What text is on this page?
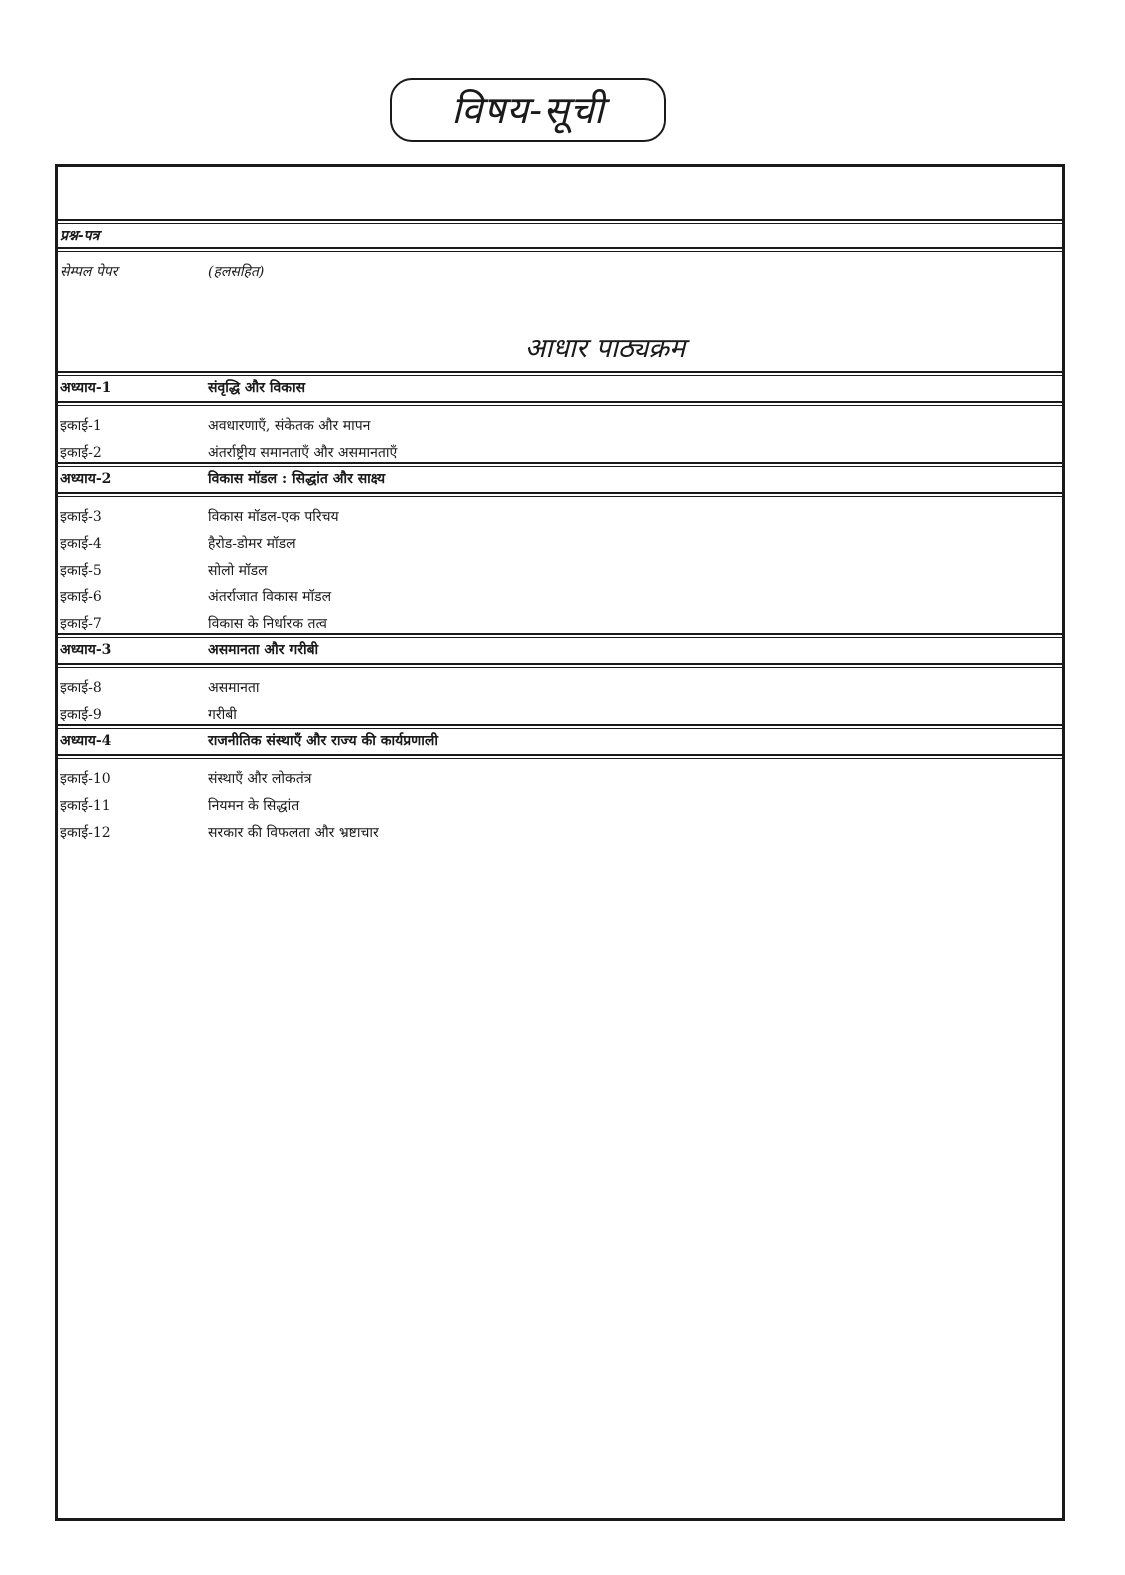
विषय-सूची
प्रश्न-पत्र
सेम्पल पेपर	(हलसहित)
आधार पाठ्यक्रम
अध्याय-1	संवृद्धि और विकास
इकाई-1	अवधारणाएँ, संकेतक और मापन
इकाई-2	अंतर्राष्ट्रीय समानताएँ और असमानताएँ
अध्याय-2	विकास मॉडल : सिद्धांत और साक्ष्य
इकाई-3	विकास मॉडल-एक परिचय
इकाई-4	हैरोड-डोमर मॉडल
इकाई-5	सोलो मॉडल
इकाई-6	अंतर्राजात विकास मॉडल
इकाई-7	विकास के निर्धारक तत्व
अध्याय-3	असमानता और गरीबी
इकाई-8	असमानता
इकाई-9	गरीबी
अध्याय-4	राजनीतिक संस्थाएँ और राज्य की कार्यप्रणाली
इकाई-10	संस्थाएँ और लोकतंत्र
इकाई-11	नियमन के सिद्धांत
इकाई-12	सरकार की विफलता और भ्रष्टाचार
